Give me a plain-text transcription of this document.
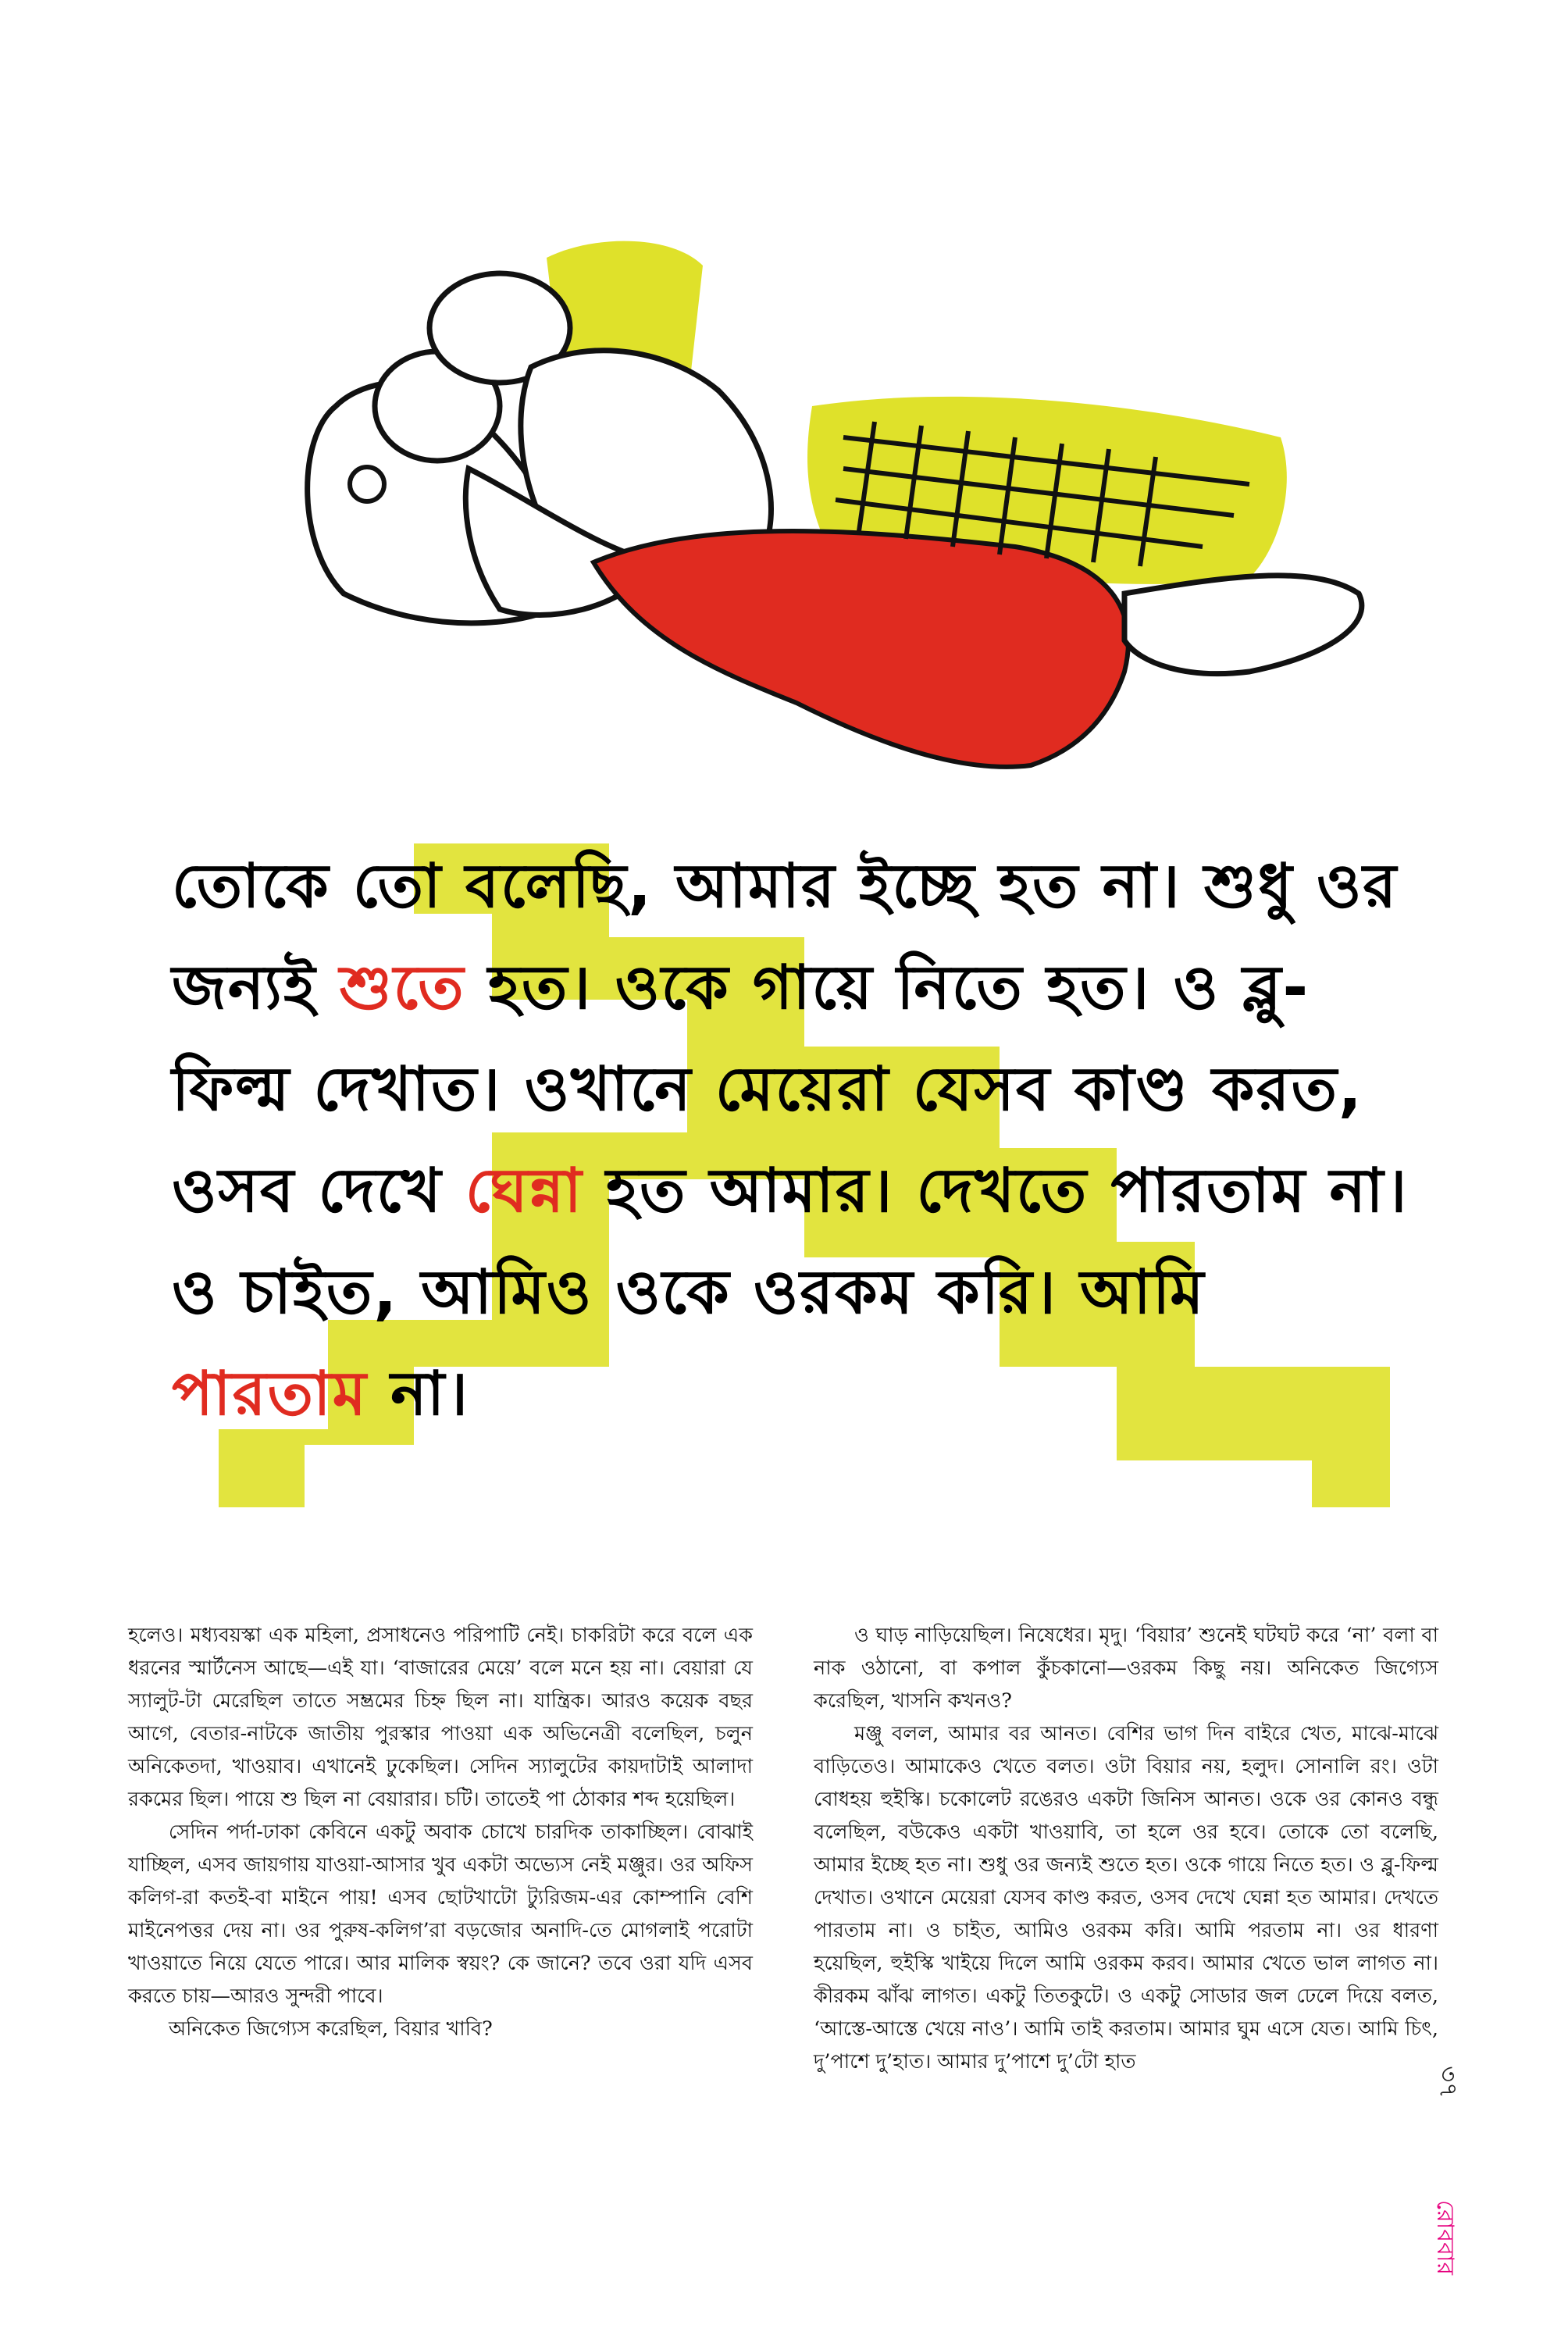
তোকে তো বলেছি, আমার ইচ্ছে হত না। শুধু ওর জন্যই শুতে হত। ওকে গায়ে নিতে হত। ও ব্লু-ফিল্ম দেখাত। ওখানে মেয়েরা যেসব কাণ্ড করত, ওসব দেখে ঘেন্না হত আমার। দেখতে পারতাম না। ও চাইত, আমিও ওকে ওরকম করি। আমি পারতাম না।

হলেও। মধ্যবয়স্কা এক মহিলা, প্রসাধনেও পরিপাটি নেই। চাকরিটা করে বলে এক ধরনের স্মার্টনেস আছে—এই যা। ‘বাজারের মেয়ে’ বলে মনে হয় না। বেয়ারা যে স্যালুট-টা মেরেছিল তাতে সম্ভ্রমের চিহ্ন ছিল না। যান্ত্রিক। আরও কয়েক বছর আগে, বেতার-নাটকে জাতীয় পুরস্কার পাওয়া এক অভিনেত্রী বলেছিল, চলুন অনিকেতদা, খাওয়াব। এখানেই ঢুকেছিল। সেদিন স্যালুটের কায়দাটাই আলাদা রকমের ছিল। পায়ে শু ছিল না বেয়ারার। চটি। তাতেই পা ঠোকার শব্দ হয়েছিল।

সেদিন পর্দা-ঢাকা কেবিনে একটু অবাক চোখে চারদিক তাকাচ্ছিল। বোঝাই যাচ্ছিল, এসব জায়গায় যাওয়া-আসার খুব একটা অভ্যেস নেই মঞ্জুর। ওর অফিস কলিগ-রা কতই-বা মাইনে পায়! এসব ছোটখাটো ট্যুরিজম-এর কোম্পানি বেশি মাইনেপত্তর দেয় না। ওর পুরুষ-কলিগ’রা বড়জোর অনাদি-তে মোগলাই পরোটা খাওয়াতে নিয়ে যেতে পারে। আর মালিক স্বয়ং? কে জানে? তবে ওরা যদি এসব করতে চায়—আরও সুন্দরী পাবে।

অনিকেত জিগ্যেস করেছিল, বিয়ার খাবি?

ও ঘাড় নাড়িয়েছিল। নিষেধের। মৃদু। ‘বিয়ার’ শুনেই ঘটঘট করে ‘না’ বলা বা নাক ওঠানো, বা কপাল কুঁচকানো—ওরকম কিছু নয়। অনিকেত জিগ্যেস করেছিল, খাসনি কখনও?

মঞ্জু বলল, আমার বর আনত। বেশির ভাগ দিন বাইরে খেত, মাঝে-মাঝে বাড়িতেও। আমাকেও খেতে বলত। ওটা বিয়ার নয়, হলুদ। সোনালি রং। ওটা বোধহয় হুইস্কি। চকোলেট রঙেরও একটা জিনিস আনত। ওকে ওর কোনও বন্ধু বলেছিল, বউকেও একটা খাওয়াবি, তা হলে ওর হবে। তোকে তো বলেছি, আমার ইচ্ছে হত না। শুধু ওর জন্যই শুতে হত। ওকে গায়ে নিতে হত। ও ব্লু-ফিল্ম দেখাত। ওখানে মেয়েরা যেসব কাণ্ড করত, ওসব দেখে ঘেন্না হত আমার। দেখতে পারতাম না। ও চাইত, আমিও ওরকম করি। আমি পরতাম না। ওর ধারণা হয়েছিল, হুইস্কি খাইয়ে দিলে আমি ওরকম করব। আমার খেতে ভাল লাগত না। কীরকম ঝাঁঝ লাগত। একটু তিতকুটে। ও একটু সোডার জল ঢেলে দিয়ে বলত, ‘আস্তে-আস্তে খেয়ে নাও’। আমি তাই করতাম। আমার ঘুম এসে যেত। আমি চিৎ, দু’পাশে দু’হাত। আমার দু’পাশে দু’টো হাত

৩৭
রোববার
